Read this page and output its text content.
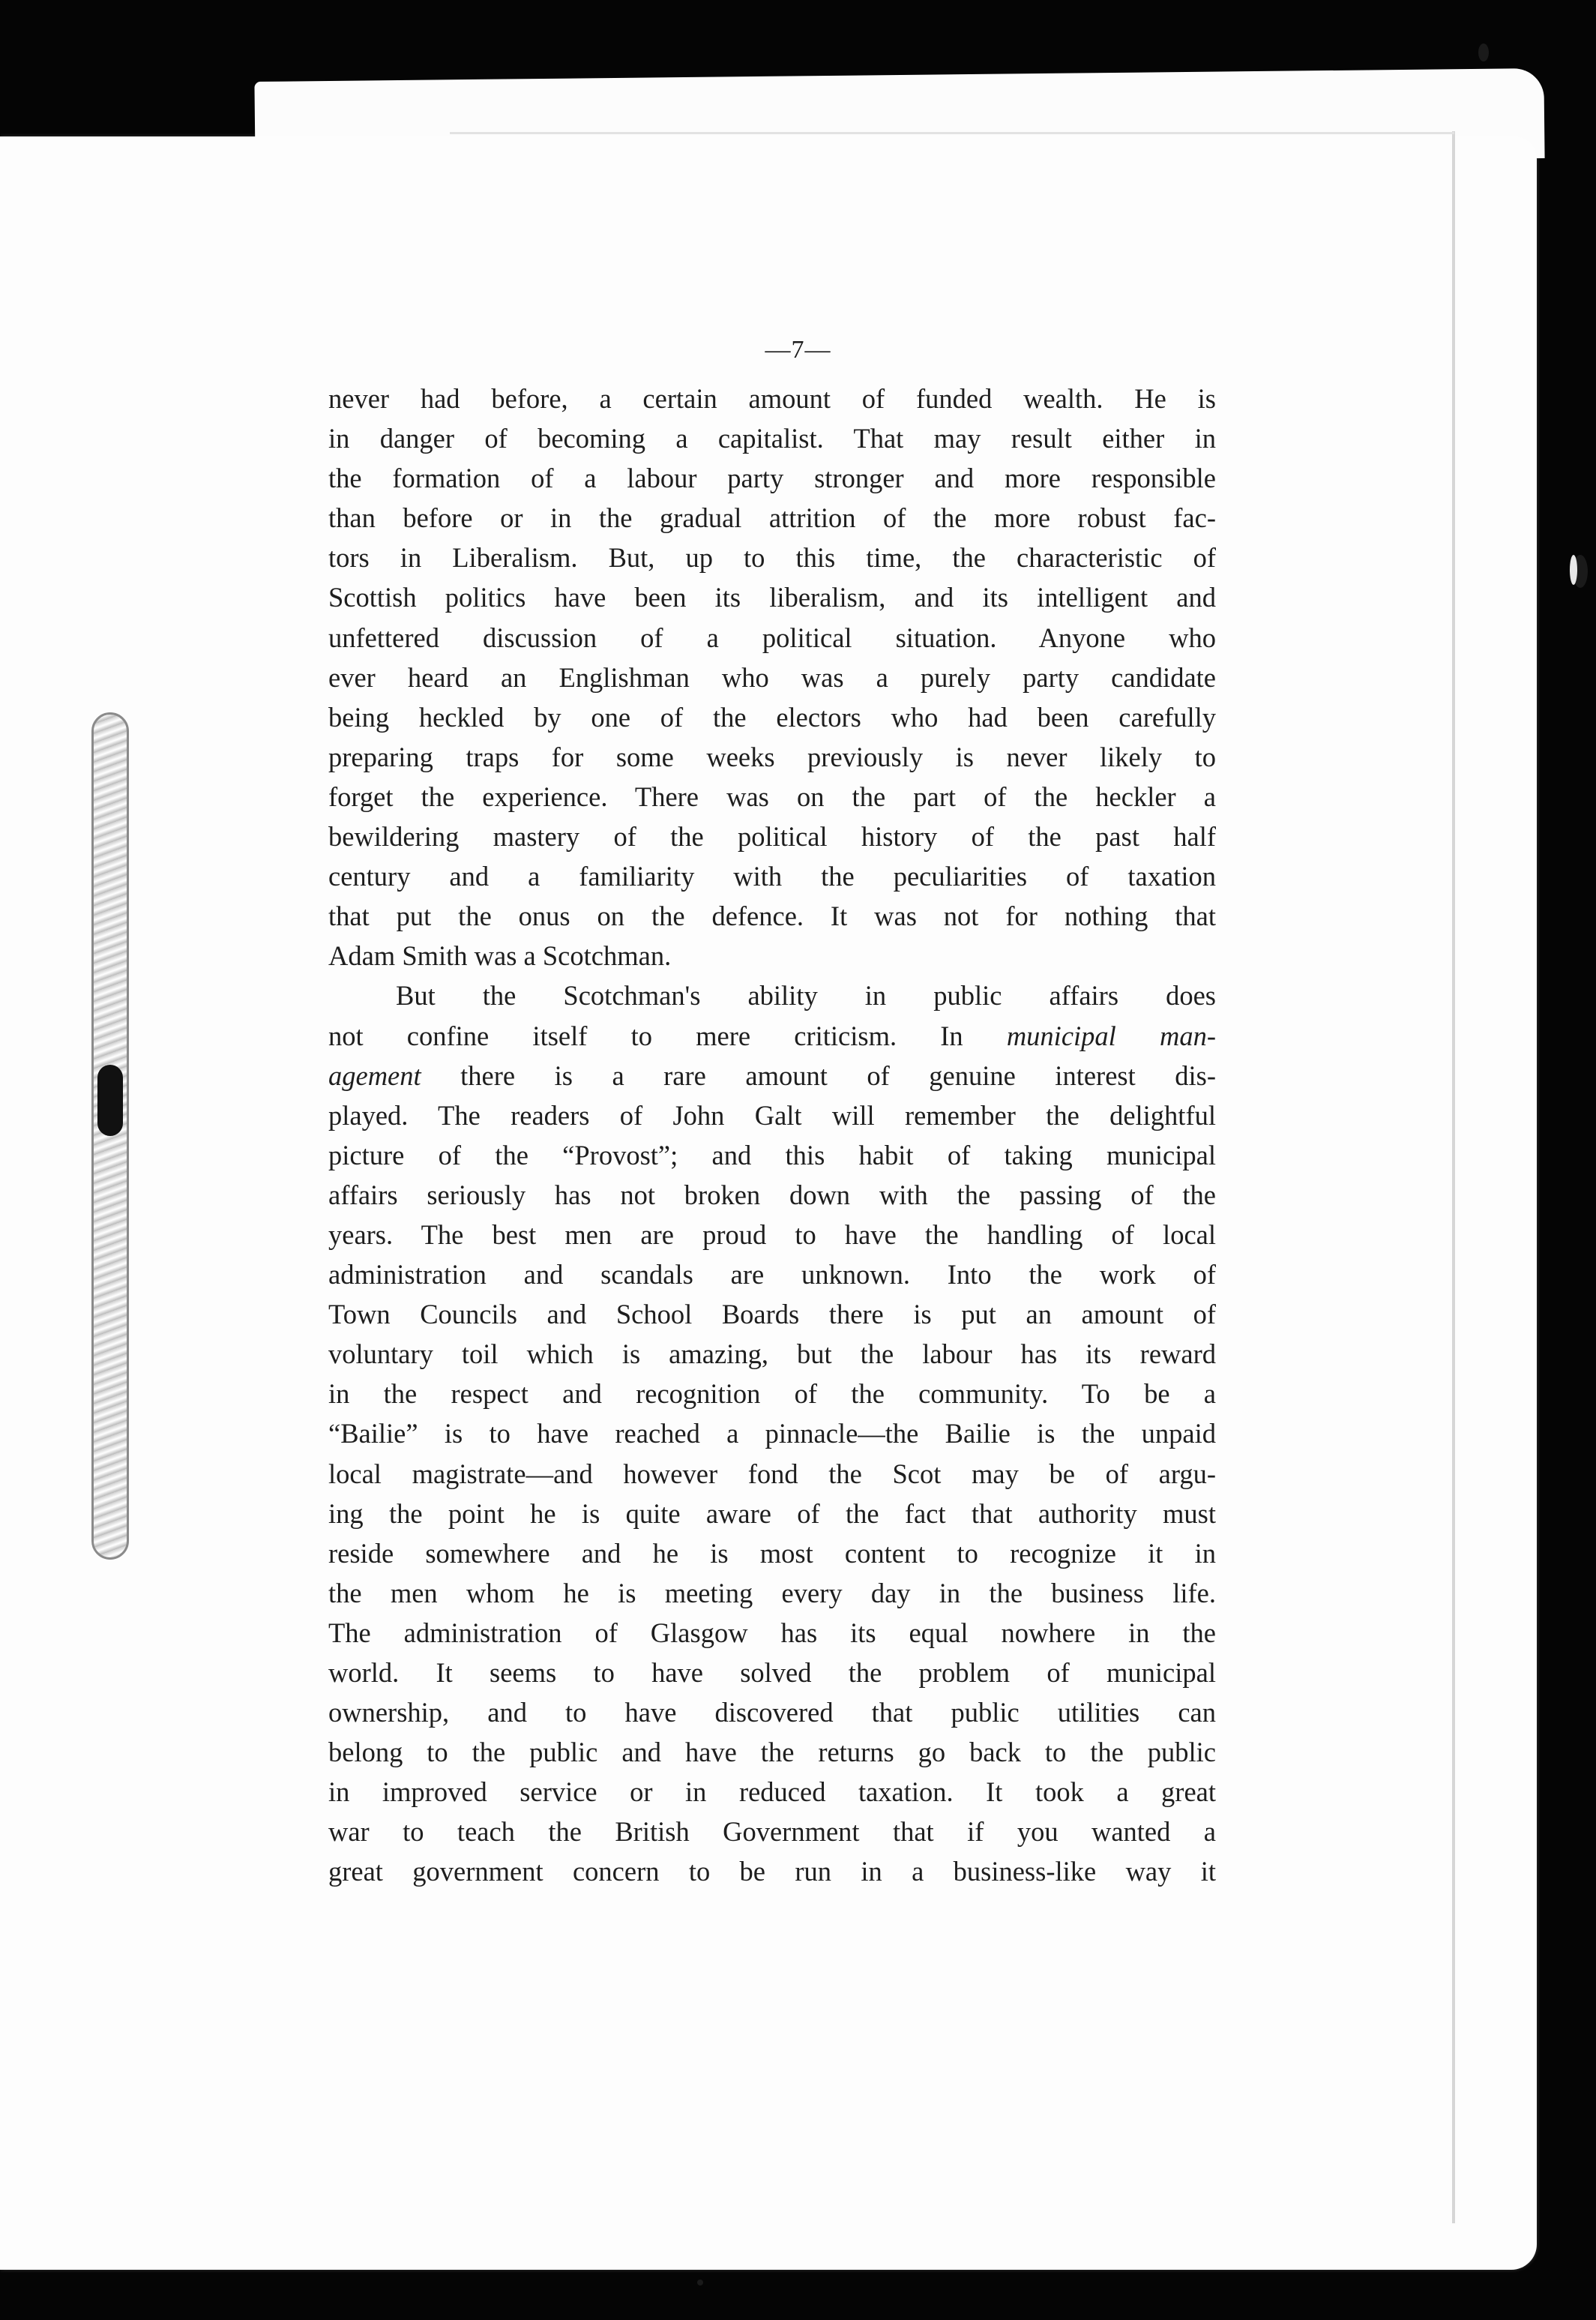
—7—
never had before, a certain amount of funded wealth. He is
in danger of becoming a capitalist. That may result either in
the formation of a labour party stronger and more responsible
than before or in the gradual attrition of the more robust fac-
tors in Liberalism. But, up to this time, the characteristic of
Scottish politics have been its liberalism, and its intelligent and
unfettered discussion of a political situation. Anyone who
ever heard an Englishman who was a purely party candidate
being heckled by one of the electors who had been carefully
preparing traps for some weeks previously is never likely to
forget the experience. There was on the part of the heckler a
bewildering mastery of the political history of the past half
century and a familiarity with the peculiarities of taxation
that put the onus on the defence. It was not for nothing that
Adam Smith was a Scotchman.
But the Scotchman's ability in public affairs does
not confine itself to mere criticism. In municipal man-
agement there is a rare amount of genuine interest dis-
played. The readers of John Galt will remember the delightful
picture of the “Provost”; and this habit of taking municipal
affairs seriously has not broken down with the passing of the
years. The best men are proud to have the handling of local
administration and scandals are unknown. Into the work of
Town Councils and School Boards there is put an amount of
voluntary toil which is amazing, but the labour has its reward
in the respect and recognition of the community. To be a
“Bailie” is to have reached a pinnacle—the Bailie is the unpaid
local magistrate—and however fond the Scot may be of argu-
ing the point he is quite aware of the fact that authority must
reside somewhere and he is most content to recognize it in
the men whom he is meeting every day in the business life.
The administration of Glasgow has its equal nowhere in the
world. It seems to have solved the problem of municipal
ownership, and to have discovered that public utilities can
belong to the public and have the returns go back to the public
in improved service or in reduced taxation. It took a great
war to teach the British Government that if you wanted a
great government concern to be run in a business-like way it
